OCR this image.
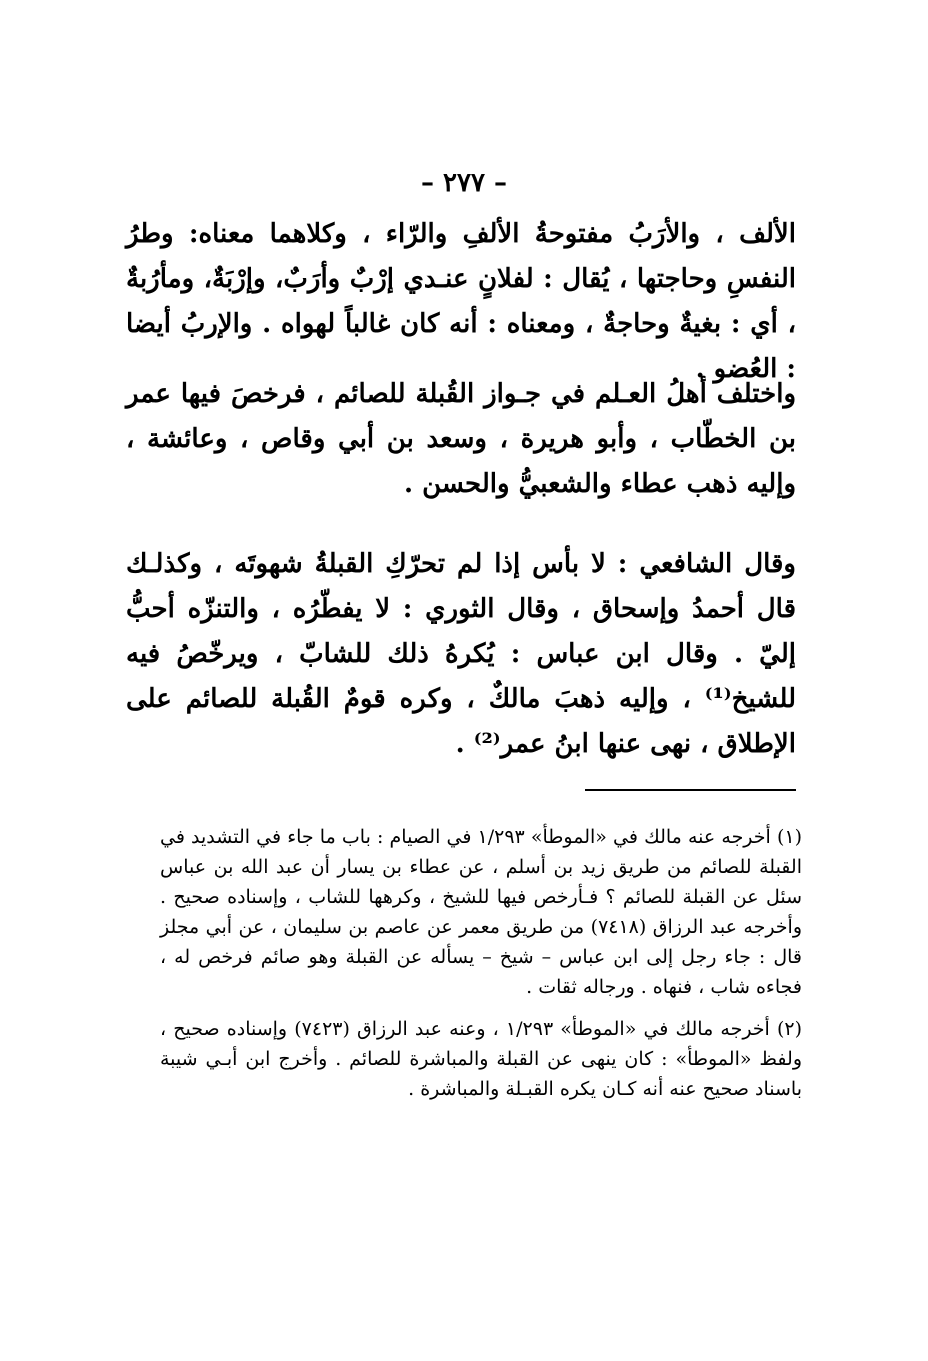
– ٢٧٧ –

الألف ، والأرَبُ مفتوحةُ الألفِ والرّاء ، وكلاهما معناه: وطرُ النفسِ وحاجتها ، يُقال : لفلانٍ عنـدي إرْبٌ وأرَبٌ، وإرْبَةٌ، ومأرُبةٌ ، أي : بغيةٌ وحاجةٌ ، ومعناه : أنه كان غالباً لهواه . والإربُ أيضا : العُضو .

واختلف أهلُ العـلم في جـواز القُبلة للصائم ، فرخصَ فيها عمر بن الخطّاب ، وأبو هريرة ، وسعد بن أبي وقاص ، وعائشة ، وإليه ذهب عطاء والشعبيُّ والحسن .

وقال الشافعي : لا بأس إذا لم تحرّكِ القبلةُ شهوتَه ، وكذلـك قال أحمدُ وإسحاق ، وقال الثوري : لا يفطّرُه ، والتنزّه أحبُّ إليّ . وقال ابن عباس : يُكرهُ ذلك للشابّ ، ويرخّصُ فيه للشيخ⁽¹⁾ ، وإليه ذهبَ مالكٌ ، وكره قومٌ القُبلة للصائم على الإطلاق ، نهى عنها ابنُ عمر⁽²⁾ .

(١) أخرجه عنه مالك في «الموطأ» ١/٢٩٣ في الصيام : باب ما جاء في التشديد في القبلة للصائم من طريق زيد بن أسلم ، عن عطاء بن يسار أن عبد الله بن عباس سئل عن القبلة للصائم ؟ فـأرخص فيها للشيخ ، وكرهها للشاب ، وإسناده صحيح . وأخرجه عبد الرزاق (٧٤١٨) من طريق معمر عن عاصم بن سليمان ، عن أبي مجلز قال : جاء رجل إلى ابن عباس – شيخ – يسأله عن القبلة وهو صائم فرخص له ، فجاءه شاب ، فنهاه . ورجاله ثقات .

(٢) أخرجه مالك في «الموطأ» ١/٢٩٣ ، وعنه عبد الرزاق (٧٤٢٣) وإسناده صحيح ، ولفظ «الموطأ» : كان ينهى عن القبلة والمباشرة للصائم . وأخرج ابن أبـي شيبة باسناد صحيح عنه أنه كـان يكره القبـلة والمباشرة .
